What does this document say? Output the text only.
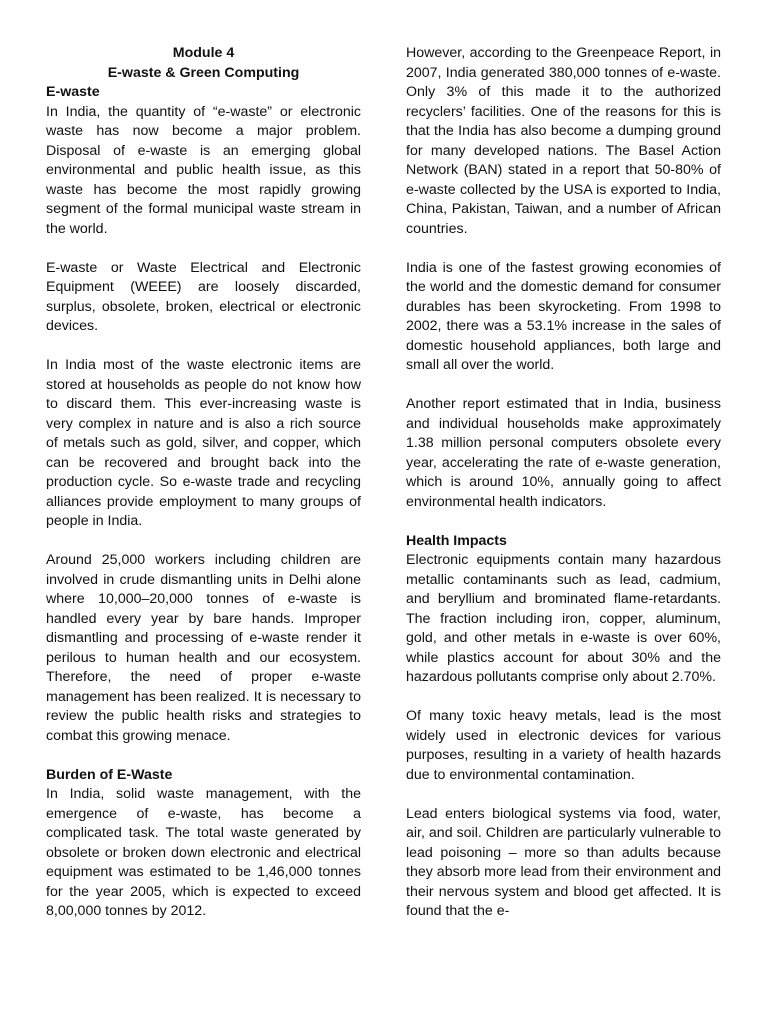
Module 4
E-waste & Green Computing
E-waste

In India, the quantity of “e-waste” or electronic waste has now become a major problem. Disposal of e-waste is an emerging global environmental and public health issue, as this waste has become the most rapidly growing segment of the formal municipal waste stream in the world.

E-waste or Waste Electrical and Electronic Equipment (WEEE) are loosely discarded, surplus, obsolete, broken, electrical or electronic devices.

In India most of the waste electronic items are stored at households as people do not know how to discard them. This ever-increasing waste is very complex in nature and is also a rich source of metals such as gold, silver, and copper, which can be recovered and brought back into the production cycle. So e-waste trade and recycling alliances provide employment to many groups of people in India.

Around 25,000 workers including children are involved in crude dismantling units in Delhi alone where 10,000–20,000 tonnes of e-waste is handled every year by bare hands. Improper dismantling and processing of e-waste render it perilous to human health and our ecosystem. Therefore, the need of proper e-waste management has been realized. It is necessary to review the public health risks and strategies to combat this growing menace.

Burden of E-Waste

In India, solid waste management, with the emergence of e-waste, has become a complicated task. The total waste generated by obsolete or broken down electronic and electrical equipment was estimated to be 1,46,000 tonnes for the year 2005, which is expected to exceed 8,00,000 tonnes by 2012.

However, according to the Greenpeace Report, in 2007, India generated 380,000 tonnes of e-waste. Only 3% of this made it to the authorized recyclers’ facilities. One of the reasons for this is that the India has also become a dumping ground for many developed nations. The Basel Action Network (BAN) stated in a report that 50-80% of e-waste collected by the USA is exported to India, China, Pakistan, Taiwan, and a number of African countries.

India is one of the fastest growing economies of the world and the domestic demand for consumer durables has been skyrocketing. From 1998 to 2002, there was a 53.1% increase in the sales of domestic household appliances, both large and small all over the world.

Another report estimated that in India, business and individual households make approximately 1.38 million personal computers obsolete every year, accelerating the rate of e-waste generation, which is around 10%, annually going to affect environmental health indicators.

Health Impacts

Electronic equipments contain many hazardous metallic contaminants such as lead, cadmium, and beryllium and brominated flame-retardants. The fraction including iron, copper, aluminum, gold, and other metals in e-waste is over 60%, while plastics account for about 30% and the hazardous pollutants comprise only about 2.70%.

Of many toxic heavy metals, lead is the most widely used in electronic devices for various purposes, resulting in a variety of health hazards due to environmental contamination.

Lead enters biological systems via food, water, air, and soil. Children are particularly vulnerable to lead poisoning – more so than adults because they absorb more lead from their environment and their nervous system and blood get affected. It is found that the e-
